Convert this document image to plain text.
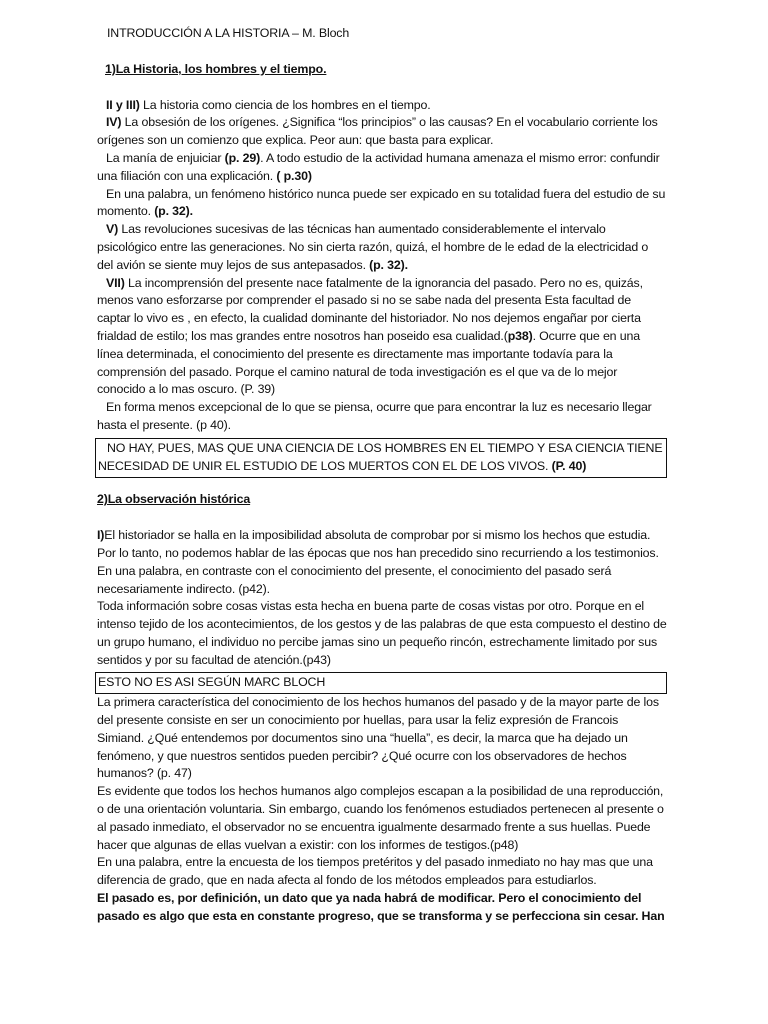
INTRODUCCIÓN A LA HISTORIA – M. Bloch

1)La Historia, los hombres y el tiempo.

II y III) La historia como ciencia de los hombres en el tiempo.

IV) La obsesión de los orígenes. ¿Significa “los principios” o las causas? En el vocabulario corriente los orígenes son un comienzo que explica. Peor aun: que basta para explicar.

La manía de enjuiciar (p. 29). A todo estudio de la actividad humana amenaza el mismo error: confundir una filiación con una explicación. ( p.30)

En una palabra, un fenómeno histórico nunca puede ser expicado en su totalidad fuera del estudio de su momento. (p. 32).

V) Las revoluciones sucesivas de las técnicas han aumentado considerablemente el intervalo psicológico entre las generaciones. No sin cierta razón, quizá, el hombre de le edad de la electricidad o del avión se siente muy lejos de sus antepasados. (p. 32).

VII) La incomprensión del presente nace fatalmente de la ignorancia del pasado. Pero no es, quizás, menos vano esforzarse por comprender el pasado si no se sabe nada del presenta Esta facultad de captar lo vivo es , en efecto, la cualidad dominante del historiador. No nos dejemos engañar por cierta frialdad de estilo; los mas grandes entre nosotros han poseido esa cualidad.(p38). Ocurre que en una línea determinada, el conocimiento del presente es directamente mas importante todavía para la comprensión del pasado. Porque el camino natural de toda investigación es el que va de lo mejor conocido a lo mas oscuro. (P. 39)

En forma menos excepcional de lo que se piensa, ocurre que para encontrar la luz es necesario llegar hasta el presente. (p 40).

NO HAY, PUES, MAS QUE UNA CIENCIA DE LOS HOMBRES EN EL TIEMPO Y ESA CIENCIA TIENE NECESIDAD DE UNIR EL ESTUDIO DE LOS MUERTOS CON EL DE LOS VIVOS. (P. 40)

2)La observación histórica

I)El historiador se halla en la imposibilidad absoluta de comprobar por si mismo los hechos que estudia. Por lo tanto, no podemos hablar de las épocas que nos han precedido sino recurriendo a los testimonios. En una palabra, en contraste con el conocimiento del presente, el conocimiento del pasado será necesariamente indirecto. (p42).

Toda información sobre cosas vistas esta hecha en buena parte de cosas vistas por otro. Porque en el intenso tejido de los acontecimientos, de los gestos y de las palabras de que esta compuesto el destino de un grupo humano, el individuo no percibe jamas sino un pequeño rincón, estrechamente limitado por sus sentidos y por su facultad de atención.(p43)

ESTO NO ES ASI SEGÚN MARC BLOCH

La primera característica del conocimiento de los hechos humanos del pasado y de la mayor parte de los del presente consiste en ser un conocimiento por huellas, para usar la feliz expresión de Francois Simiand. ¿Qué entendemos por documentos sino una “huella”, es decir, la marca que ha dejado un fenómeno, y que nuestros sentidos pueden percibir? ¿Qué ocurre con los observadores de hechos humanos? (p. 47)

Es evidente que todos los hechos humanos algo complejos escapan a la posibilidad de una reproducción, o de una orientación voluntaria. Sin embargo, cuando los fenómenos estudiados pertenecen al presente o al pasado inmediato, el observador no se encuentra igualmente desarmado frente a sus huellas. Puede hacer que algunas de ellas vuelvan a existir: con los informes de testigos.(p48)

En una palabra, entre la encuesta de los tiempos pretéritos y del pasado inmediato no hay mas que una diferencia de grado, que en nada afecta al fondo de los métodos empleados para estudiarlos.

El pasado es, por definición, un dato que ya nada habrá de modificar. Pero el conocimiento del pasado es algo que esta en constante progreso, que se transforma y se perfecciona sin cesar. Han
